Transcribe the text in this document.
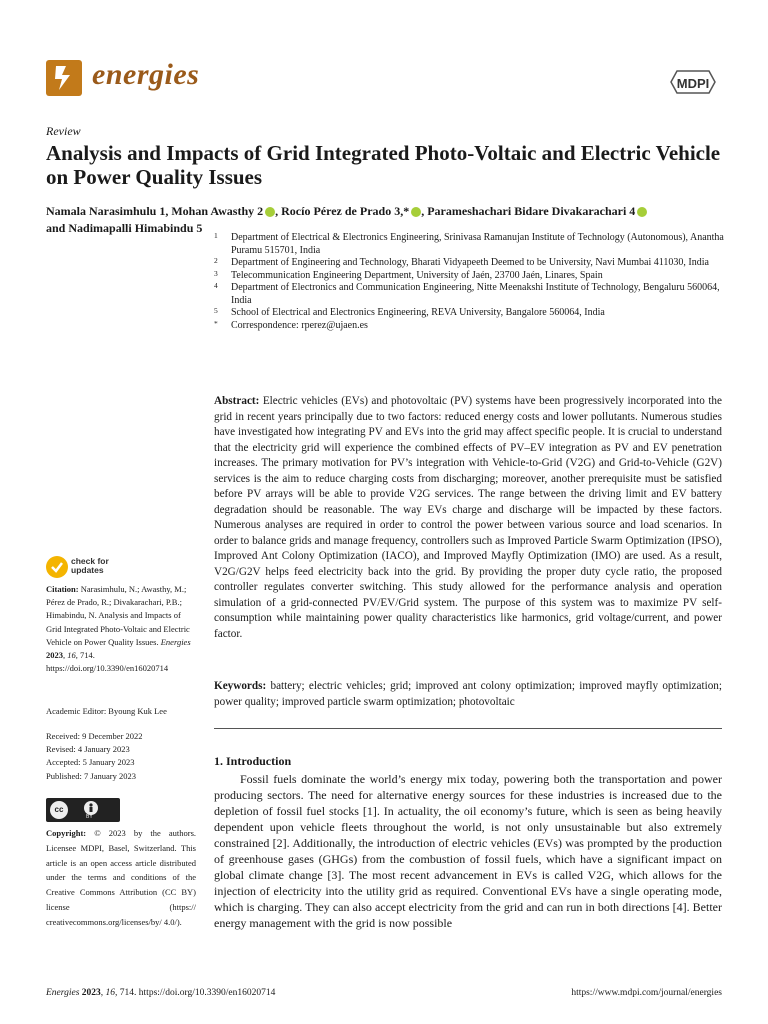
energies	MDPI
Review
Analysis and Impacts of Grid Integrated Photo-Voltaic and Electric Vehicle on Power Quality Issues
Namala Narasimhulu 1, Mohan Awasthy 2 , Rocío Pérez de Prado 3,* , Parameshachari Bidare Divakarachari 4
and Nadimapalli Himabindu 5
1 Department of Electrical & Electronics Engineering, Srinivasa Ramanujan Institute of Technology (Autonomous), Anantha Puramu 515701, India
2 Department of Engineering and Technology, Bharati Vidyapeeth Deemed to be University, Navi Mumbai 411030, India
3 Telecommunication Engineering Department, University of Jaén, 23700 Jaén, Linares, Spain
4 Department of Electronics and Communication Engineering, Nitte Meenakshi Institute of Technology, Bengaluru 560064, India
5 School of Electrical and Electronics Engineering, REVA University, Bangalore 560064, India
* Correspondence: rperez@ujaen.es
Abstract: Electric vehicles (EVs) and photovoltaic (PV) systems have been progressively incorporated into the grid in recent years principally due to two factors: reduced energy costs and lower pollutants. Numerous studies have investigated how integrating PV and EVs into the grid may affect specific people. It is crucial to understand that the electricity grid will experience the combined effects of PV–EV integration as PV and EV penetration increases. The primary motivation for PV’s integration with Vehicle-to-Grid (V2G) and Grid-to-Vehicle (G2V) services is the aim to reduce charging costs from discharging; moreover, another prerequisite must be satisfied before PV arrays will be able to provide V2G services. The range between the driving limit and EV battery degradation should be reasonable. The way EVs charge and discharge will be impacted by these factors. Numerous analyses are required in order to control the power between various source and load scenarios. In order to balance grids and manage frequency, controllers such as Improved Particle Swarm Optimization (IPSO), Improved Ant Colony Optimization (IACO), and Improved Mayfly Optimization (IMO) are used. As a result, V2G/G2V helps feed electricity back into the grid. By providing the proper duty cycle ratio, the proposed controller regulates converter switching. This study allowed for the performance analysis and operation simulation of a grid-connected PV/EV/Grid system. The purpose of this system was to maximize PV self-consumption while maintaining power quality characteristics like harmonics, grid voltage/current, and power factor.
Keywords: battery; electric vehicles; grid; improved ant colony optimization; improved mayfly optimization; power quality; improved particle swarm optimization; photovoltaic
1. Introduction

Fossil fuels dominate the world’s energy mix today, powering both the transportation and power producing sectors. The need for alternative energy sources for these industries is increased due to the depletion of fossil fuel stocks [1]. In actuality, the oil economy’s future, which is seen as being heavily dependent upon vehicle fleets throughout the world, is not only unsustainable but also extremely constrained [2]. Additionally, the introduction of electric vehicles (EVs) was prompted by the production of greenhouse gases (GHGs) from the combustion of fossil fuels, which have a significant impact on global climate change [3]. The most recent advancement in EVs is called V2G, which allows for the injection of electricity into the utility grid as required. Conventional EVs have a single operating mode, which is charging. They can also accept electricity from the grid and can run in both directions [4]. Better energy management with the grid is now possible

check for
updates
Citation: Narasimhulu, N.; Awasthy, M.; Pérez de Prado, R.; Divakarachari, P.B.; Himabindu, N. Analysis and Impacts of Grid Integrated Photo-Voltaic and Electric Vehicle on Power Quality Issues. Energies 2023, 16, 714. https://doi.org/10.3390/en16020714
Academic Editor: Byoung Kuk Lee
Received: 9 December 2022
Revised: 4 January 2023
Accepted: 5 January 2023
Published: 7 January 2023
cc
BY
Copyright: © 2023 by the authors. Licensee MDPI, Basel, Switzerland. This article is an open access article distributed under the terms and conditions of the Creative Commons Attribution (CC BY) license (https:// creativecommons.org/licenses/by/ 4.0/).
Energies 2023, 16, 714. https://doi.org/10.3390/en16020714	https://www.mdpi.com/journal/energies
